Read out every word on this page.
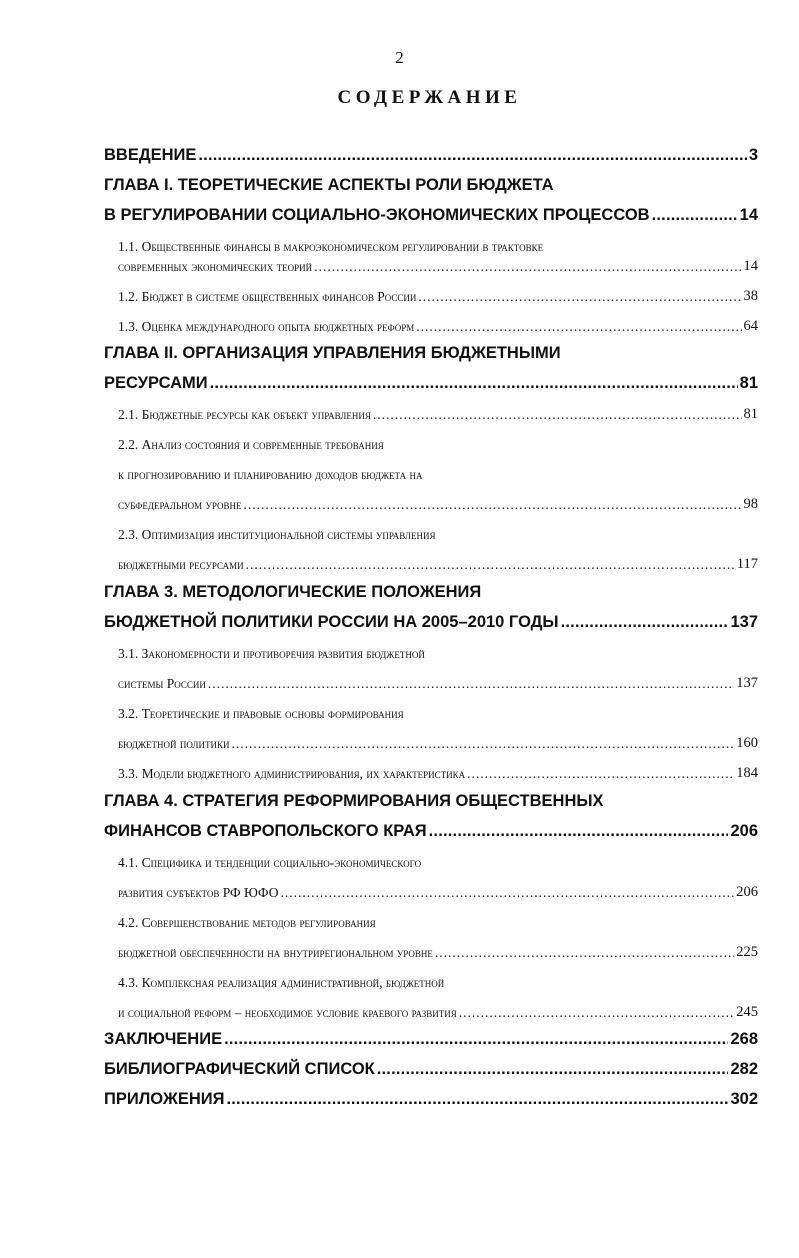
2
СОДЕРЖАНИЕ
ВВЕДЕНИЕ .....	3
ГЛАВА I. ТЕОРЕТИЧЕСКИЕ АСПЕКТЫ РОЛИ БЮДЖЕТА
В РЕГУЛИРОВАНИИ СОЦИАЛЬНО-ЭКОНОМИЧЕСКИХ ПРОЦЕССОВ .....	14
1.1. Общественные финансы в макроэкономическом регулировании в трактовке
современных экономических теорий .....	14
1.2. Бюджет в системе общественных финансов России .....	38
1.3. Оценка международного опыта бюджетных реформ .....	64
ГЛАВА II. ОРГАНИЗАЦИЯ УПРАВЛЕНИЯ БЮДЖЕТНЫМИ
РЕСУРСАМИ .....	81
2.1. Бюджетные ресурсы как объект управления .....	81
2.2. Анализ состояния и современные требования
к прогнозированию и планированию доходов бюджета на
субфедеральном уровне .....	98
2.3. Оптимизация институциональной системы управления
бюджетными ресурсами .....	117
ГЛАВА 3. МЕТОДОЛОГИЧЕСКИЕ ПОЛОЖЕНИЯ
БЮДЖЕТНОЙ ПОЛИТИКИ РОССИИ НА 2005–2010 ГОДЫ .....	137
3.1. Закономерности и противоречия развития бюджетной
системы России .....	137
3.2. Теоретические и правовые основы формирования
бюджетной политики .....	160
3.3. Модели бюджетного администрирования, их характеристика .....	184
ГЛАВА 4. СТРАТЕГИЯ РЕФОРМИРОВАНИЯ ОБЩЕСТВЕННЫХ
ФИНАНСОВ СТАВРОПОЛЬСКОГО КРАЯ .....	206
4.1. Специфика и тенденции социально-экономического
развития субъектов РФ ЮФО .....	206
4.2. Совершенствование методов регулирования
бюджетной обеспеченности на внутрирегиональном уровне .....	225
4.3. Комплексная реализация административной, бюджетной
и социальной реформ – необходимое условие краевого развития .....	245
ЗАКЛЮЧЕНИЕ .....	268
БИБЛИОГРАФИЧЕСКИЙ СПИСОК .....	282
ПРИЛОЖЕНИЯ .....	302
